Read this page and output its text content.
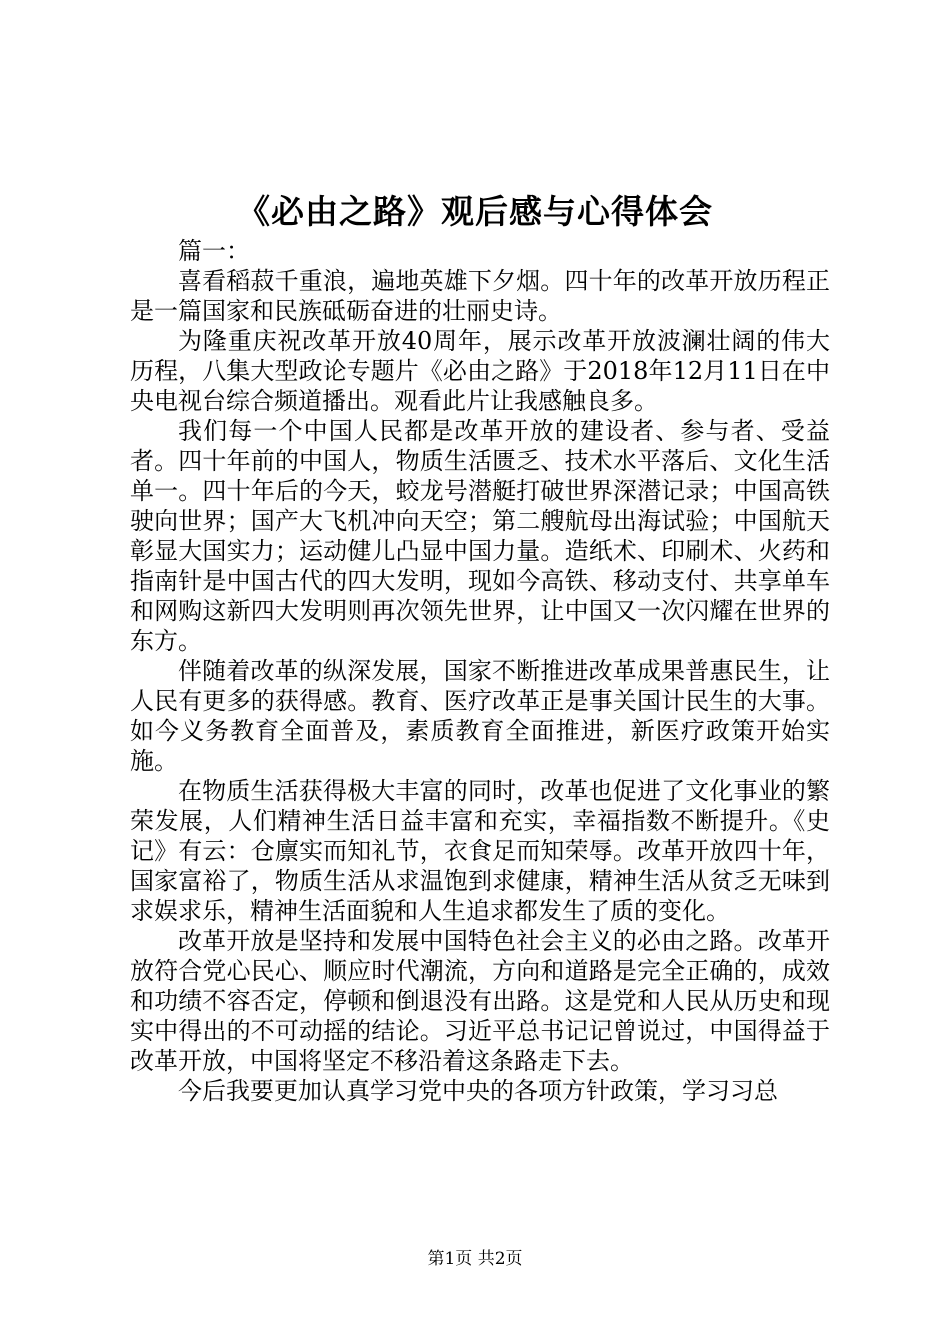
《必由之路》观后感与心得体会

篇一：

喜看稻菽千重浪，遍地英雄下夕烟。四十年的改革开放历程正是一篇国家和民族砥砺奋进的壮丽史诗。

为隆重庆祝改革开放40周年，展示改革开放波澜壮阔的伟大历程，八集大型政论专题片《必由之路》于2018年12月11日在中央电视台综合频道播出。观看此片让我感触良多。

我们每一个中国人民都是改革开放的建设者、参与者、受益者。四十年前的中国人，物质生活匮乏、技术水平落后、文化生活单一。四十年后的今天，蛟龙号潜艇打破世界深潜记录；中国高铁驶向世界；国产大飞机冲向天空；第二艘航母出海试验；中国航天彰显大国实力；运动健儿凸显中国力量。造纸术、印刷术、火药和指南针是中国古代的四大发明，现如今高铁、移动支付、共享单车和网购这新四大发明则再次领先世界，让中国又一次闪耀在世界的东方。

伴随着改革的纵深发展，国家不断推进改革成果普惠民生，让人民有更多的获得感。教育、医疗改革正是事关国计民生的大事。如今义务教育全面普及，素质教育全面推进，新医疗政策开始实施。

在物质生活获得极大丰富的同时，改革也促进了文化事业的繁荣发展，人们精神生活日益丰富和充实，幸福指数不断提升。《史记》有云：仓廪实而知礼节，衣食足而知荣辱。改革开放四十年，国家富裕了，物质生活从求温饱到求健康，精神生活从贫乏无味到求娱求乐，精神生活面貌和人生追求都发生了质的变化。

改革开放是坚持和发展中国特色社会主义的必由之路。改革开放符合党心民心、顺应时代潮流，方向和道路是完全正确的，成效和功绩不容否定，停顿和倒退没有出路。这是党和人民从历史和现实中得出的不可动摇的结论。习近平总书记记曾说过，中国得益于改革开放，中国将坚定不移沿着这条路走下去。

今后我要更加认真学习党中央的各项方针政策，学习习总

第1页 共2页
